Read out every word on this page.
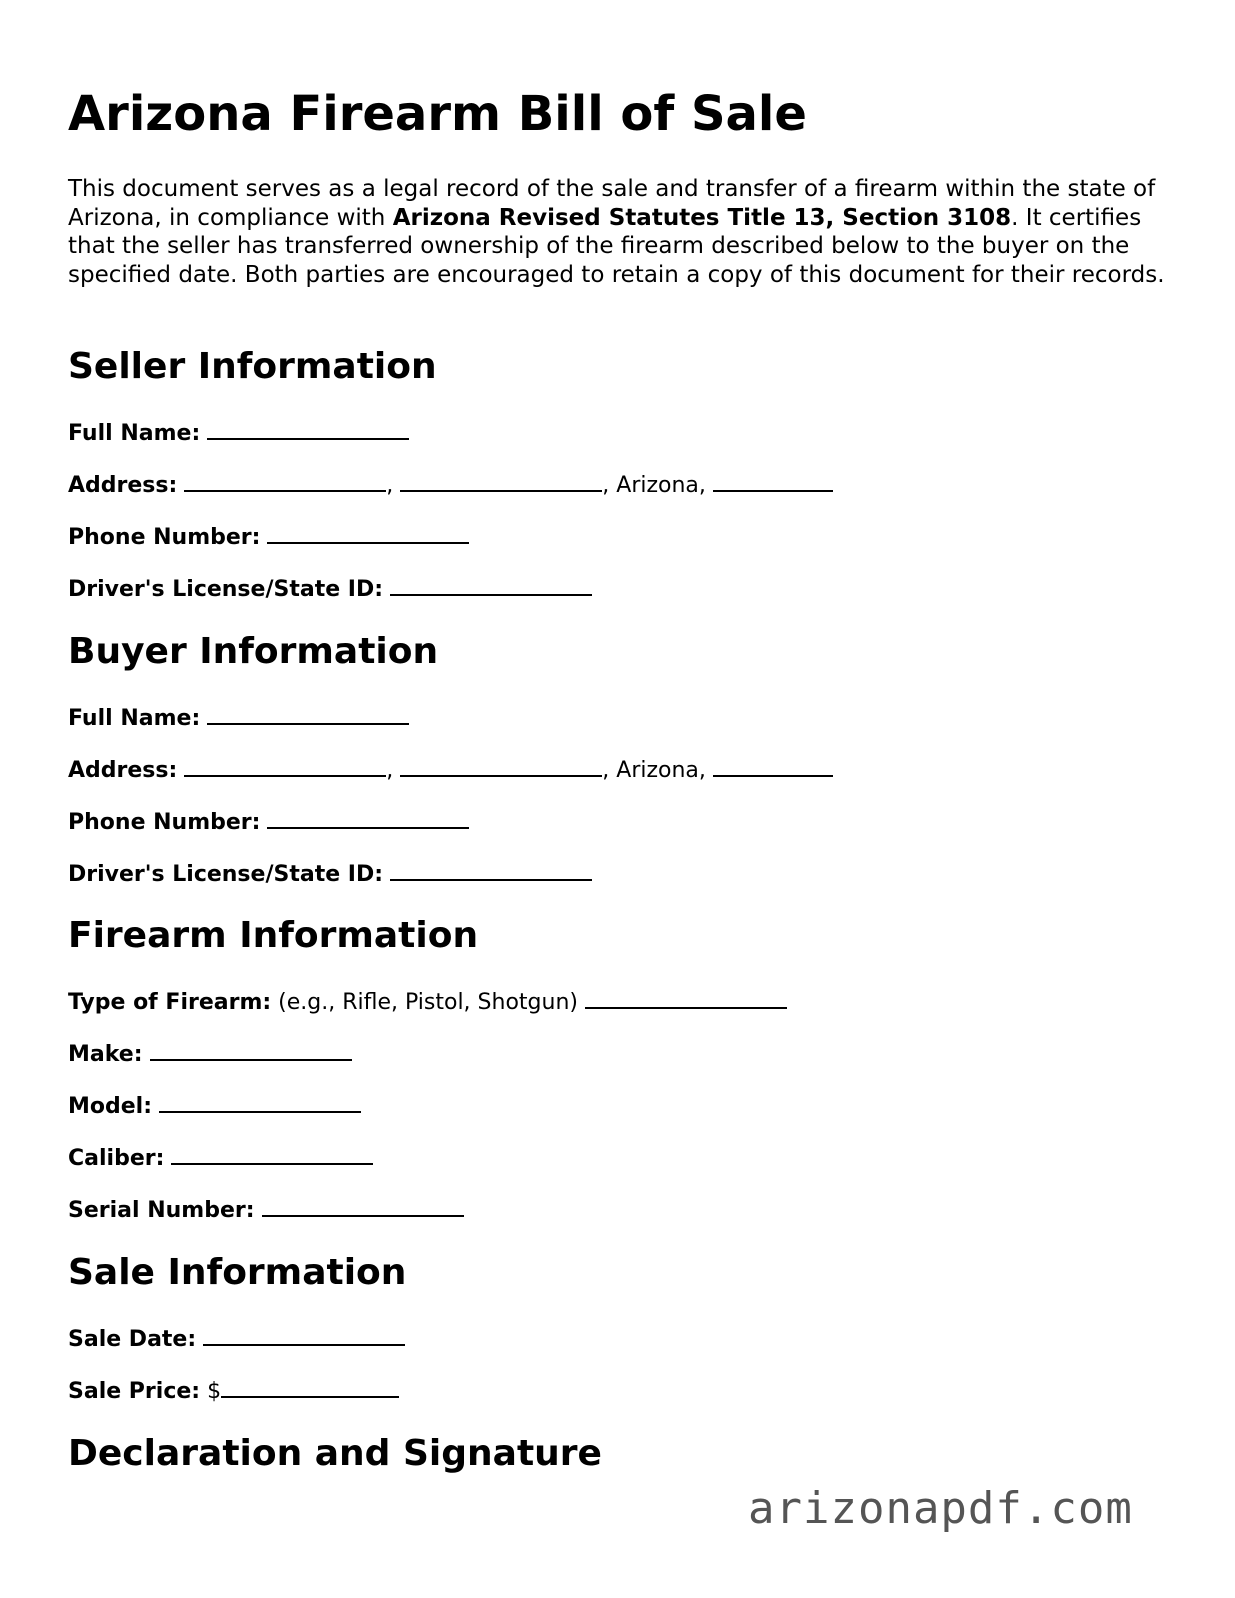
Arizona Firearm Bill of Sale

This document serves as a legal record of the sale and transfer of a firearm within the state of Arizona, in compliance with Arizona Revised Statutes Title 13, Section 3108. It certifies that the seller has transferred ownership of the firearm described below to the buyer on the specified date. Both parties are encouraged to retain a copy of this document for their records.

Seller Information

Full Name:

Address:	,	, Arizona,

Phone Number:

Driver's License/State ID:

Buyer Information

Full Name:

Address:	,	, Arizona,

Phone Number:

Driver's License/State ID:

Firearm Information

Type of Firearm: (e.g., Rifle, Pistol, Shotgun)

Make:

Model:

Caliber:

Serial Number:

Sale Information

Sale Date:

Sale Price: $

Declaration and Signature
arizonapdf.com
